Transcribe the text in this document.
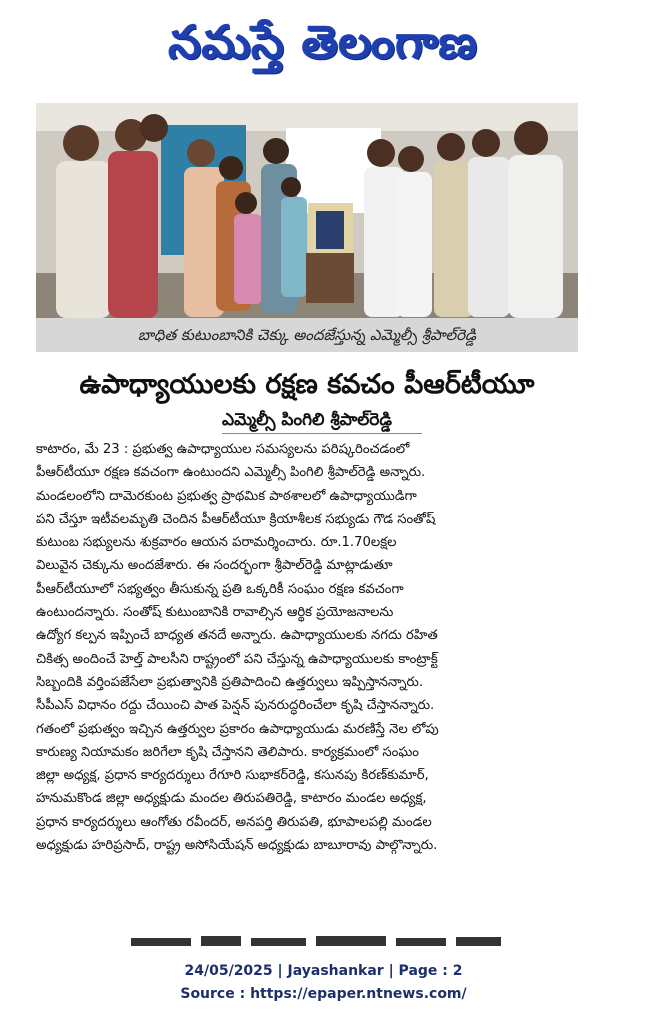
నమస్తే తెలంగాణ
బాధిత కుటుంబానికి చెక్కు అందజేస్తున్న ఎమ్మెల్సీ శ్రీపాల్‌రెడ్డి
ఉపాధ్యాయులకు రక్షణ కవచం పీఆర్‌టీయూ
ఎమ్మెల్సీ పింగిలి శ్రీపాల్‌రెడ్డి
కాటారం, మే 23 : ప్రభుత్వ ఉపాధ్యాయుల సమస్యలను పరిష్కరించడంలో
పీఆర్‌టీయూ రక్షణ కవచంగా ఉంటుందని ఎమ్మెల్సీ పింగిలి శ్రీపాల్‌రెడ్డి అన్నారు.
మండలంలోని దామెరకుంట ప్రభుత్వ ప్రాథమిక పాఠశాలలో ఉపాధ్యాయుడిగా
పని చేస్తూ ఇటీవలమృతి చెందిన పీఆర్‌టీయూ క్రియాశీలక సభ్యుడు గౌడ సంతోష్
కుటుంబ సభ్యులను శుక్రవారం ఆయన పరామర్శించారు. రూ.1.70లక్షల
విలువైన చెక్కును అందజేశారు. ఈ సందర్భంగా శ్రీపాల్‌రెడ్డి మాట్లాడుతూ
పీఆర్‌టీయూలో సభ్యత్వం తీసుకున్న ప్రతి ఒక్కరికీ సంఘం రక్షణ కవచంగా
ఉంటుందన్నారు. సంతోష్ కుటుంబానికి రావాల్సిన ఆర్థిక ప్రయోజనాలను
ఉద్యోగ కల్పన ఇప్పించే బాధ్యత తనదే అన్నారు. ఉపాధ్యాయులకు నగదు రహిత
చికిత్స అందించే హెల్త్ పాలసీని రాష్ట్రంలో పని చేస్తున్న ఉపాధ్యాయులకు కాంట్రాక్ట్
సిబ్బందికి వర్తింపజేసేలా ప్రభుత్వానికి ప్రతిపాదించి ఉత్తర్వులు ఇప్పిస్తానన్నారు.
సీపీఎస్ విధానం రద్దు చేయించి పాత పెన్షన్ పునరుద్ధరించేలా కృషి చేస్తానన్నారు.
గతంలో ప్రభుత్వం ఇచ్చిన ఉత్తర్వుల ప్రకారం ఉపాధ్యాయుడు మరణిస్తే నెల లోపు
కారుణ్య నియామకం జరిగేలా కృషి చేస్తానని తెలిపారు. కార్యక్రమంలో సంఘం
జిల్లా అధ్యక్ష, ప్రధాన కార్యదర్శులు రేగూరి సుభాకర్‌రెడ్డి, కసునపు కిరణ్‌కుమార్,
హనుమకొండ జిల్లా అధ్యక్షుడు మందల తిరుపతిరెడ్డి, కాటారం మండల అధ్యక్ష,
ప్రధాన కార్యదర్శులు ఆంగోతు రవీందర్, అనపర్తి తిరుపతి, భూపాలపల్లి మండల
అధ్యక్షుడు హరిప్రసాద్, రాష్ట్ర అసోసియేషన్ అధ్యక్షుడు బాబూరావు పాల్గొన్నారు.
24/05/2025 | Jayashankar | Page : 2
Source : https://epaper.ntnews.com/
